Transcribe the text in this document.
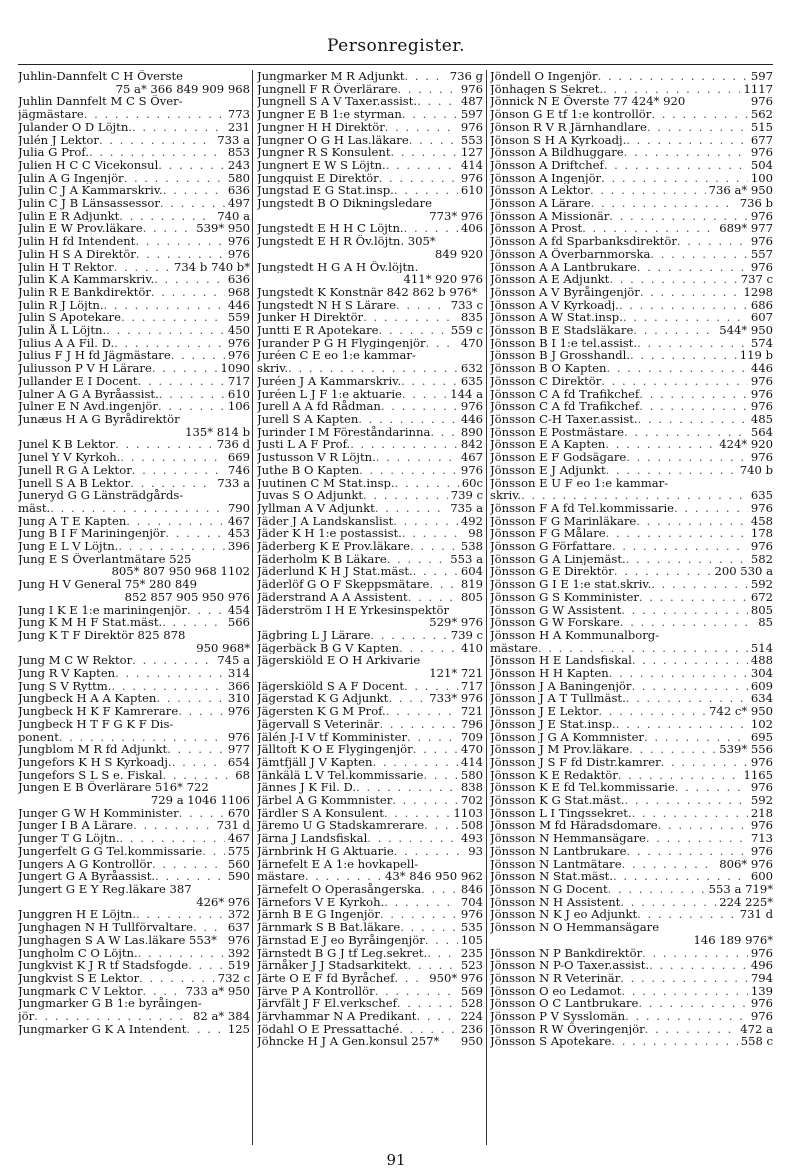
Personregister.
Juhlin-Dannfelt C H Överste
75 a* 366 849 909 968
Juhlin Dannfelt M C S Över-
jägmästare . . .	773
Julander O D Löjtn. . . .	231
Julén J Lektor . . .	733 a
Julia G Prof. . . .	853
Julien H C C Vicekonsul . . .	243
Julin A G Ingenjör . . .	580
Julin C J A Kammarskriv. . . .	636
Julin C J B Länsassessor . . .	497
Julin E R Adjunkt . . .	740 a
Julin E W Prov.läkare . . .	539* 950
Julin H fd Intendent . . .	976
Julin H S A Direktör . . .	976
Julin H T Rektor . . .	734 b 740 b*
Julin K A Kammarskriv. . . .	636
Julin R E Bankdirektör . . .	968
Julin R J Löjtn. . . .	446
Julin S Apotekare . . .	559
Julin Å L Löjtn. . . .	450
Julius A A Fil. D. . . .	976
Julius F J H fd Jägmästare . . .	976
Juliusson P V H Lärare . . .	1090
Jullander E I Docent . . .	717
Julner A G A Byråassist. . . .	610
Julner E N Avd.ingenjör . . .	106
Junæus H A G Byrådirektör
135* 814 b
Junel K B Lektor . . .	736 d
Junel Y V Kyrkoh. . . .	669
Junell R G A Lektor . . .	746
Junell S A B Lektor . . .	733 a
Juneryd G G Länsträdgårds-
mäst. . . .	790
Jung A T E Kapten . . .	467
Jung B I F Mariningenjör . . .	453
Jung E L V Löjtn. . . .	396
Jung E S Överlantmätare 525
805* 807 950 968 1102
Jung H V General 75* 280 849
852 857 905 950 976
Jung I K E 1:e mariningenjör . . .	454
Jung K M H F Stat.mäst. . . .	566
Jung K T F Direktör 825 878
950 968*
Jung M C W Rektor . . .	745 a
Jung R V Kapten . . .	314
Jung S V Ryttm. . . .	366
Jungbeck H A A Kapten . . .	310
Jungbeck H K F Kamrerare . . .	976
Jungbeck H T F G K F Dis-
ponent . . .	976
Jungblom M R fd Adjunkt . . .	977
Jungefors K H S Kyrkoadj. . . .	654
Jungefors S L S e. Fiskal . . .	68
Jungen E B Överlärare 516* 722
729 a 1046 1106
Junger G W H Komminister . . .	670
Junger I B A Lärare . . .	731 d
Junger T G Löjtn. . . .	467
Jungerfelt G G Tel.kommissarie . . . 575
Jungers A G Kontrollör . . .	560
Jungert G A Byråassist. . . .	590
Jungert G E Y Reg.läkare 387
426* 976
Junggren H E Löjtn. . . .	372
Junghagen N H Tullförvaltare . . .	637
Junghagen S A W Las.läkare 553* 976
Jungholm C O Löjtn. . . .	392
Jungkvist K J R tf Stadsfogde . . .	519
Jungkvist S E Lektor . . .	732 c
Jungmark C V Lektor . . .	733 a* 950
Jungmarker G B 1:e byråingen-
jör . . .	82 a* 384
Jungmarker G K A Intendent . . .	125
Jungmarker M R Adjunkt . . .	736 g
Jungnell F R Överlärare . . .	976
Jungnell S A V Taxer.assist. . . .	487
Jungner E B 1:e styrman . . .	597
Jungner H H Direktör . . .	976
Jungner O G H Las.läkare . . .	553
Jungner R S Konsulent . . .	127
Jungnert E W S Löjtn. . . .	414
Jungquist E Direktör . . .	976
Jungstad E G Stat.insp. . . .	610
Jungstedt B O Dikningsledare
773* 976
Jungstedt E H H C Löjtn. . . .	406
Jungstedt E H R Öv.löjtn. 305*
849 920
Jungstedt H G A H Öv.löjtn.
411* 920 976
Jungstedt K Konstnär 842 862 b 976*
Jungstedt N H S Lärare . . .	733 c
Junker H Direktör . . .	835
Juntti E R Apotekare . . .	559 c
Jurander P G H Flygingenjör . . .	470
Juréen C E eo 1:e kammar-
skriv. . . .	632
Juréen J A Kammarskriv. . . .	635
Juréen L J F 1:e aktuarie . . .	144 a
Jurell A A fd Rådman . . .	976
Jurell S A Kapten . . .	446
Jurinder I M Föreståndarinna . . .	890
Justi L A F Prof. . . .	842
Justusson V R Löjtn. . . .	467
Juthe B O Kapten . . .	976
Juutinen C M Stat.insp. . . .	60c
Juvas S O Adjunkt . . .	739 c
Jyllman A V Adjunkt . . .	735 a
Jäder J A Landskanslist . . .	492
Jäder K H 1:e postassist. . . .	98
Jäderberg K E Prov.läkare . . .	538
Jäderholm K B Läkare . . .	553 a
Jäderlund K H J Stat.mäst. . . .	604
Jäderlöf G O F Skeppsmätare . . .	819
Jäderstrand A A Assistent . . .	805
Jäderström I H E Yrkesinspektör
529* 976
Jägbring L J Lärare . . .	739 c
Jägerbäck B G V Kapten . . .	410
Jägerskiöld E O H Arkivarie
121* 721
Jägerskiöld S A F Docent . . .	717
Jägerstad K G Adjunkt . . .	733* 976
Jägersten K G M Prof. . . .	721
Jägervall S Veterinär . . .	796
Jälén J-I V tf Komminister . . .	709
Jälltoft K O E Flygingenjör . . .	470
Jämtfjäll J V Kapten . . .	414
Jänkälä L V Tel.kommissarie . . .	580
Jännes J K Fil. D. . . .	838
Järbel A G Kommnister . . .	702
Järdler S A Konsulent . . .	1103
Järemo U G Stadskamrerare . . .	508
Järna J Landsfiskal . . .	493
Järnbrink H G Aktuarie . . .	93
Järnefelt E A 1:e hovkapell-
mästare . . .	43* 846 950 962
Järnefelt O Operasångerska . . .	846
Järnefors V E Kyrkoh. . . .	704
Järnh B E G Ingenjör . . .	976
Järnmark S B Bat.läkare . . .	535
Järnstad E J eo Byråingenjör . . .	105
Järnstedt B G J tf Leg.sekret. . . .	235
Järnåker J J Stadsarkitekt . . .	523
Järte O E F fd Byråchef . . .	950* 976
Järve P A Kontrollör . . .	569
Järvfält J F El.verkschef . . .	528
Järvhammar N A Predikant . . .	224
Jödahl O E Pressattaché . . .	236
Jöhncke H J A Gen.konsul 257* 950
Jöndell O Ingenjör . . .	597
Jönhagen S Sekret. . . .	1117
Jönnick N E Överste 77 424* 920	976
Jönson G E tf 1:e kontrollör . . .	562
Jönson R V R Järnhandlare . . .	515
Jönson S H A Kyrkoadj. . . .	677
Jönsson A Bildhuggare . . .	976
Jönsson A Driftchef . . .	504
Jönsson A Ingenjör . . .	100
Jönsson A Lektor . . .	736 a* 950
Jönsson A Lärare . . .	736 b
Jönsson A Missionär . . .	976
Jönsson A Prost . . .	689* 977
Jönsson A fd Sparbanksdirektör . . .	976
Jönsson A Överbarnmorska . . .	557
Jönsson A A Lantbrukare . . .	976
Jönsson A E Adjunkt . . .	737 c
Jönsson A V Byråingenjör . . .	1298
Jönsson A V Kyrkoadj. . . .	686
Jönsson A W Stat.insp. . . .	607
Jönsson B E Stadsläkare . . .	544* 950
Jönsson B I 1:e tel.assist. . . .	574
Jönsson B J Grosshandl. . . .	119 b
Jönsson B O Kapten . . .	446
Jönsson C Direktör . . .	976
Jönsson C A fd Trafikchef . . .	976
Jönsson C A fd Trafikchef . . .	976
Jönsson C-H Taxer.assist. . . .	485
Jönsson E Postmästare . . .	564
Jönsson E A Kapten . . .	424* 920
Jönsson E F Godsägare . . .	976
Jönsson E J Adjunkt . . .	740 b
Jönsson E U F eo 1:e kammar-
skriv. . . .	635
Jönsson F A fd Tel.kommissarie . . .	976
Jönsson F G Marinläkare . . .	458
Jönsson F G Målare . . .	178
Jönsson G Författare . . .	976
Jönsson G A Linjemäst. . . .	582
Jönsson G E Direktör . . .	200 530 a
Jönsson G I E 1:e stat.skriv. . . .	592
Jönsson G S Komminister . . .	672
Jönsson G W Assistent . . .	805
Jönsson G W Forskare . . .	85
Jönsson H A Kommunalborg-
mästare . . .	514
Jönsson H E Landsfiskal . . .	488
Jönsson H H Kapten . . .	304
Jönsson J A Baningenjör . . .	609
Jönsson J A T Tullmäst. . . .	634
Jönsson J E Lektor . . .	742 c* 950
Jönsson J E Stat.insp. . . .	102
Jönsson J G A Kommnister . . .	695
Jönsson J M Prov.läkare . . .	539* 556
Jönsson J S F fd Distr.kamrer . . .	976
Jönsson K E Redaktör . . .	1165
Jönsson K E fd Tel.kommissarie . . .	976
Jönsson K G Stat.mäst. . . .	592
Jönsson L I Tingssekret. . . .	218
Jönsson M fd Häradsdomare . . .	976
Jönsson N Hemmansägare . . .	713
Jönsson N Lantbrukare . . .	976
Jönsson N Lantmätare . . .	806* 976
Jönsson N Stat.mäst. . . .	600
Jönsson N G Docent . . .	553 a 719*
Jönsson N H Assistent . . .	224 225*
Jönsson N K J eo Adjunkt . . .	731 d
Jönsson N O Hemmansägare
146 189 976*
Jönsson N P Bankdirektör . . .	976
Jönsson N P-O Taxer.assist. . . .	496
Jönsson N R Veterinär . . .	794
Jönsson O eo Ledamot . . .	139
Jönsson O C Lantbrukare . . .	976
Jönsson P V Sysslomän . . .	976
Jönsson R W Överingenjör . . .	472 a
Jönsson S Apotekare . . .	558 c
91
